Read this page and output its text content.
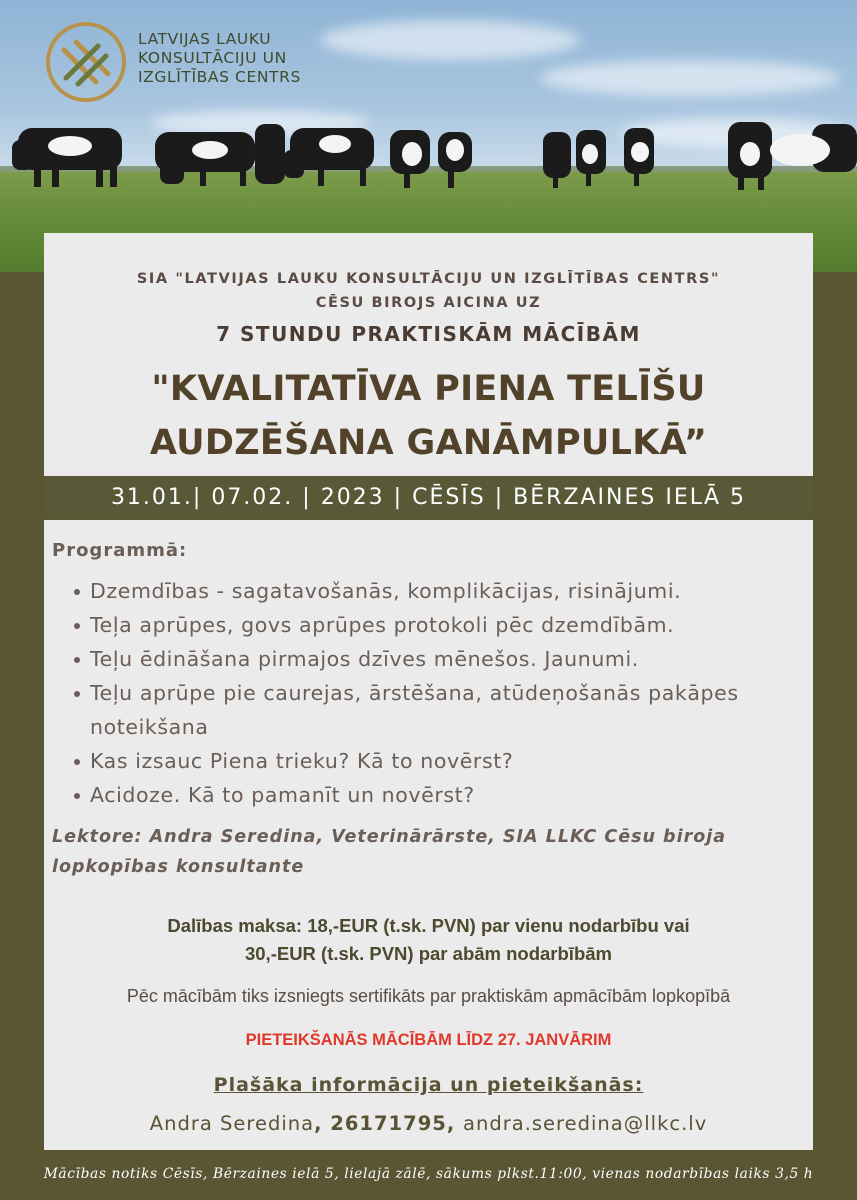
LATVIJAS LAUKU
KONSULTĀCIJU UN
IZGLĪTĪBAS CENTRS
SIA "LATVIJAS LAUKU KONSULTĀCIJU UN IZGLĪTĪBAS CENTRS"
CĒSU BIROJS AICINA UZ
7 STUNDU PRAKTISKĀM MĀCĪBĀM
"KVALITATĪVA PIENA TELĪŠU
AUDZĒŠANA GANĀMPULKĀ”
31.01.| 07.02. | 2023 | CĒSĪS | BĒRZAINES IELĀ 5
Programmā:
Dzemdības - sagatavošanās, komplikācijas, risinājumi.
Teļa aprūpes, govs aprūpes protokoli pēc dzemdībām.
Teļu ēdināšana pirmajos dzīves mēnešos. Jaunumi.
Teļu aprūpe pie caurejas, ārstēšana, atūdeņošanās pakāpes
noteikšana
Kas izsauc Piena trieku? Kā to novērst?
Acidoze. Kā to pamanīt un novērst?
Lektore: Andra Seredina, Veterinārārste, SIA LLKC Cēsu biroja
lopkopības konsultante
Dalības maksa: 18,-EUR (t.sk. PVN) par vienu nodarbību vai
30,-EUR (t.sk. PVN) par abām nodarbībām
Pēc mācībām tiks izsniegts sertifikāts par praktiskām apmācībām lopkopībā
PIETEIKŠANĀS MĀCĪBĀM LĪDZ 27. JANVĀRIM
Plašāka informācija un pieteikšanās:
Andra Seredina, 26171795, andra.seredina@llkc.lv
Mācības notiks Cēsīs, Bērzaines ielā 5, lielajā zālē, sākums plkst.11:00, vienas nodarbības laiks 3,5 h
